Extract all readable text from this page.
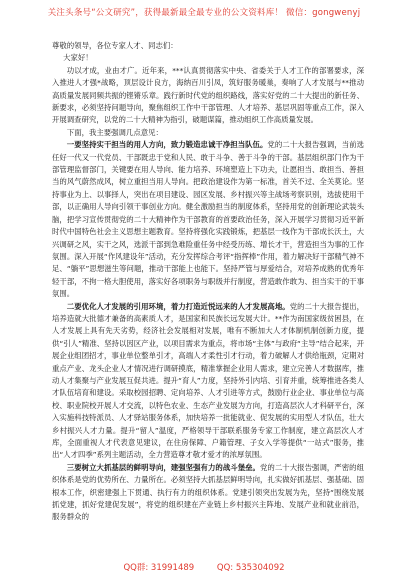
关注头条号“公文研究”，获得最新最全最专业的公文资料库！ 微信：gongwenyj

尊敬的领导，各位专家人才、同志们：

大家好！

功以才成，业由才广。近年来，***认真贯彻落实中央、省委关于人才工作的部署要求，深入推进人才强*战略，顶层设计良方，海纳百川引凤，筑好服务暖巢，奏响了人才发展与**推动高质量发展同频共振的铿锵乐章。践行新时代党的组织路线，落实好党的二十大提出的新任务、新要求，必须坚持问题导向，聚焦组织工作中干部管理、人才培养、基层巩固等重点工作，深入开展调查研究，以党的二十大精神为指引，破题谋篇，推动组织工作高质量发展。

下面，我主要强调几点意见：

一要坚持实干担当的用人方向，致力锻造忠诚干净担当队伍。党的二十大报告强调，当前选任好一代又一代党员、干部既忠于党和人民、敢于斗争、善于斗争的干部。基层组织部门作为干部管理监督部门，关键要在用人导向、能力培养、环境塑造上下功夫，让愿担当、敢担当、善担当的风气蔚然成风，树立重担当用人导向。把政治建设作为第一标准，首关不过、全关莫论。坚持事业为上、以事择人，突出在项目建设、园区发展、乡村振兴等主战场考察识别，选拔使用干部，以正确用人导向引领干事创业方向。健全激励担当的制度体系，坚持用党的创新理论武装头脑，把学习宣传贯彻党的二十大精神作为干部教育的首要政治任务，深入开展学习贯彻习近平新时代中国特色社会主义思想主题教育。坚持将强化实践锻炼，把基层一线作为干部成长沃土，大兴调研之风，实干之风，选派干部到急难险重任务中经受历练、增长才干，营造担当为事的工作氛围。深入开展“作风建设年”活动，充分发挥综合考评“指挥棒”作用，着力解决好干部精气神不足、“躺平”思想滋生等问题，推动干部能上也能下。坚持严管与厚爱结合，对培养成熟的优秀年轻干部，不拘一格大胆使用，落实好各项职务与职级并行制度，营造敢作敢为、担当实干的干事氛围。

二要优化人才发展的引用环境，着力打造近悦远来的人才发展高地。党的二十大报告提出，培养造就大批德才兼备的高素质人才，是国家和民族长远发展大计。**作为南国家级贫困县，在人才发展上具有先天劣势，经济社会发展相对发展，唯有不断加大人才体制机制创新力度，提供“引人”精准、坚持以因区产业，以项目需求为重点，将市场“主体”与政府“主导”结合起来，开展企业组团招才，事业单位整单引才，高端人才柔性引才行动，着力破解人才供给瓶颈，定期对重点产业、龙头企业人才情况进行调研摸底，精准掌握企业用人需求，建立完善人才数据库，推动人才集聚与产业发展互促共进。提升“育人”力度，坚持外引内培、引育并重，统筹推进各类人才队伍培育和建设。采取校园招聘、定向培养、人才引进等方式，鼓励行业企业、事业单位与高校、职业院校开展人才交流，以特色农业、生态产业发展为方向，打造高层次人才科研平台，深入实施科技特派员、人才驿站服务体系，加快培养一批能就业、促发展的实用型人才队伍，壮大乡村振兴人才力量。提升“留人”温度，严格领导干部联系服务专家工作制度，建立高层次人才库，全面重视人才代表意见建议，在住房保障、户籍管理、子女入学等提供“一站式”服务，推出“人才四季”系列主题活动，全力营造尊才敬才爱才的浓厚氛围。

三要树立大抓基层的鲜明导向，建强坚强有力的战斗堡垒。党的二十大报告强调，严密的组织体系是党的优势所在、力量所在。必须坚持大抓基层鲜明导向，扎实做好抓基层、强基础、固根本工作，织密建强上下贯通、执行有力的组织体系。党建引领突出发展为先，坚持“围绕发展抓党建，抓好党建促发展”，将党的组织建在产业链上乡村振兴主阵地、发展产业和就业前沿，服务群众的

QQ群: 31991489	QQ: 535304092
